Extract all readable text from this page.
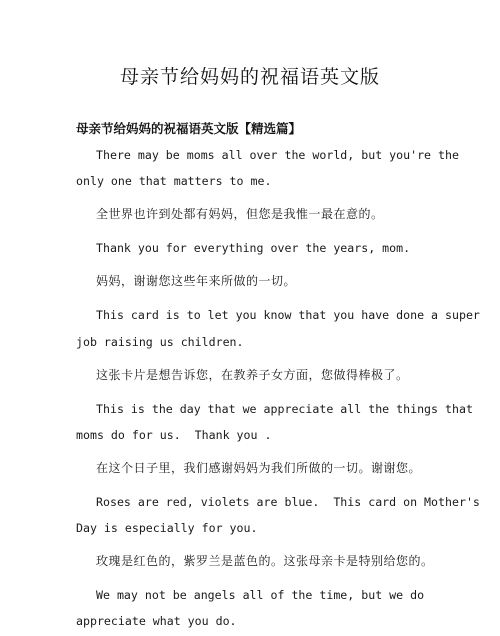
母亲节给妈妈的祝福语英文版
母亲节给妈妈的祝福语英文版【精选篇】
There may be moms all over the world, but you're the
only one that matters to me.
全世界也许到处都有妈妈，但您是我惟一最在意的。
Thank you for everything over the years, mom.
妈妈，谢谢您这些年来所做的一切。
This card is to let you know that you have done a super
job raising us children.
这张卡片是想告诉您，在教养子女方面，您做得棒极了。
This is the day that we appreciate all the things that
moms do for us.  Thank you .
在这个日子里，我们感谢妈妈为我们所做的一切。谢谢您。
Roses are red, violets are blue.  This card on Mother's
Day is especially for you.
玫瑰是红色的，紫罗兰是蓝色的。这张母亲卡是特别给您的。
We may not be angels all of the time, but we do
appreciate what you do.
